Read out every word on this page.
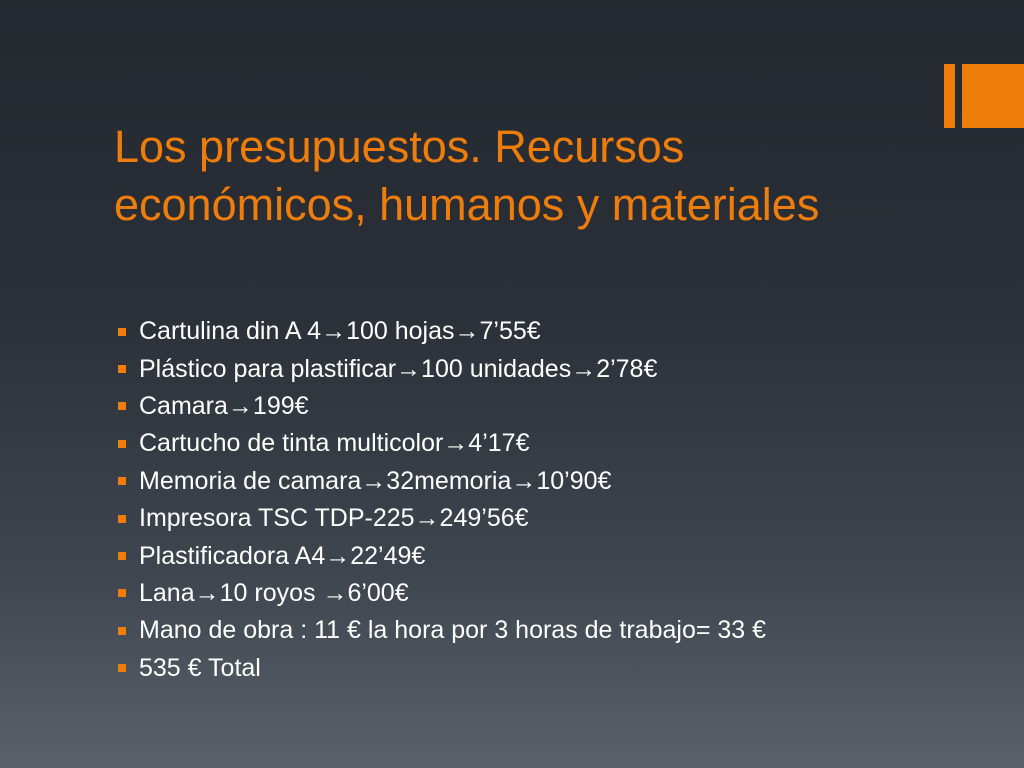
Los presupuestos. Recursos económicos, humanos y materiales
Cartulina din A 4→100 hojas→7’55€
Plástico para plastificar→100 unidades→2’78€
Camara→199€
Cartucho de tinta multicolor→4’17€
Memoria de camara→32memoria→10’90€
Impresora TSC TDP-225→249’56€
Plastificadora A4→22’49€
Lana→10 royos →6’00€
Mano de obra : 11 € la hora por 3 horas de trabajo= 33 €
535 € Total
